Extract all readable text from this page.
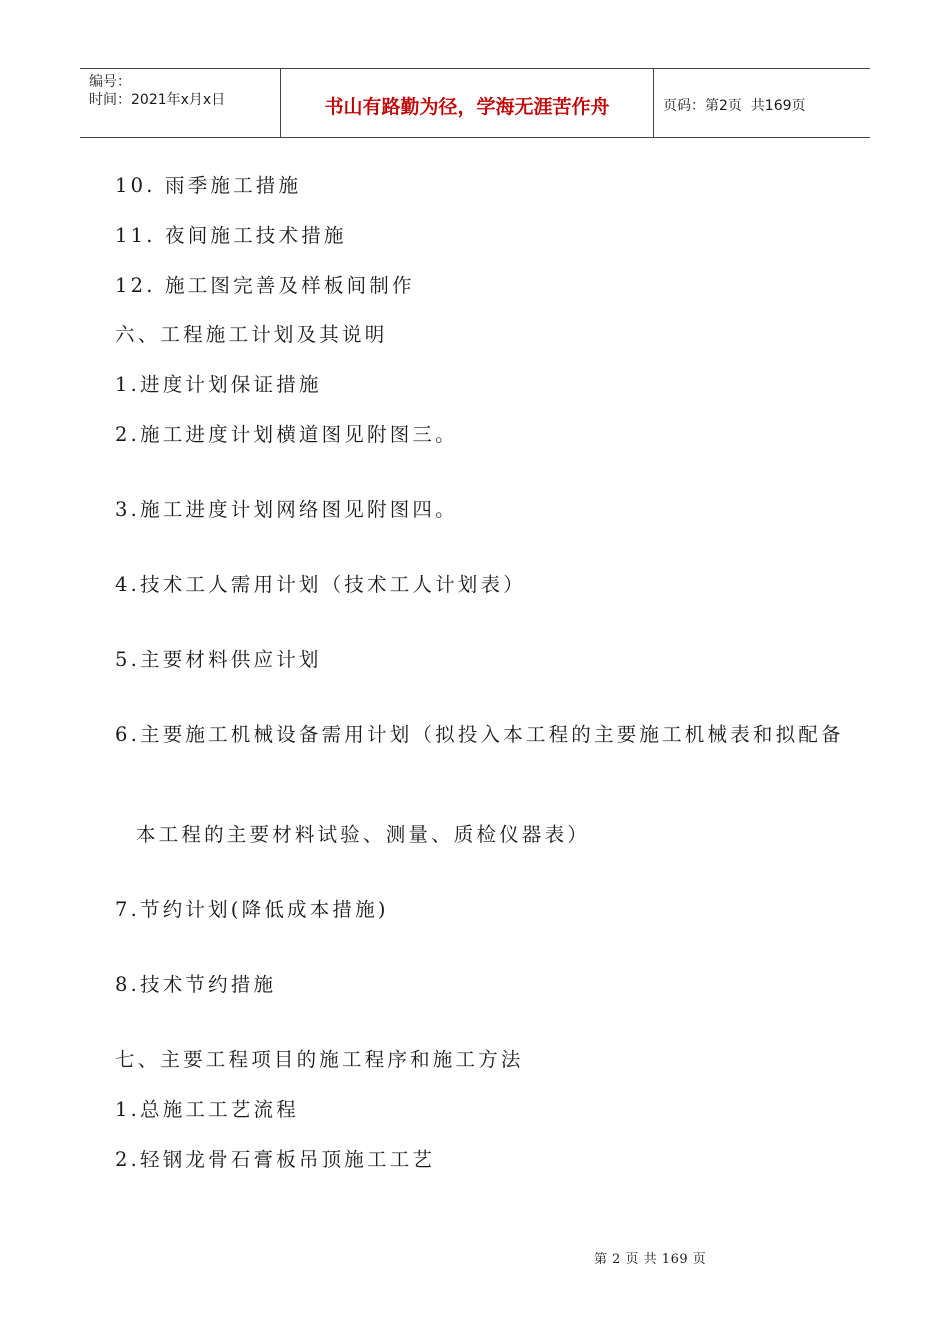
编号：
时间：2021年x月x日	书山有路勤为径，学海无涯苦作舟	页码：第2页  共169页
10. 雨季施工措施
11. 夜间施工技术措施
12. 施工图完善及样板间制作
六、工程施工计划及其说明
1.进度计划保证措施
2.施工进度计划横道图见附图三。
3.施工进度计划网络图见附图四。
4.技术工人需用计划（技术工人计划表）
5.主要材料供应计划
6.主要施工机械设备需用计划（拟投入本工程的主要施工机械表和拟配备
本工程的主要材料试验、测量、质检仪器表）
7.节约计划(降低成本措施)
8.技术节约措施
七、主要工程项目的施工程序和施工方法
1.总施工工艺流程
2.轻钢龙骨石膏板吊顶施工工艺
第 2 页 共 169 页
